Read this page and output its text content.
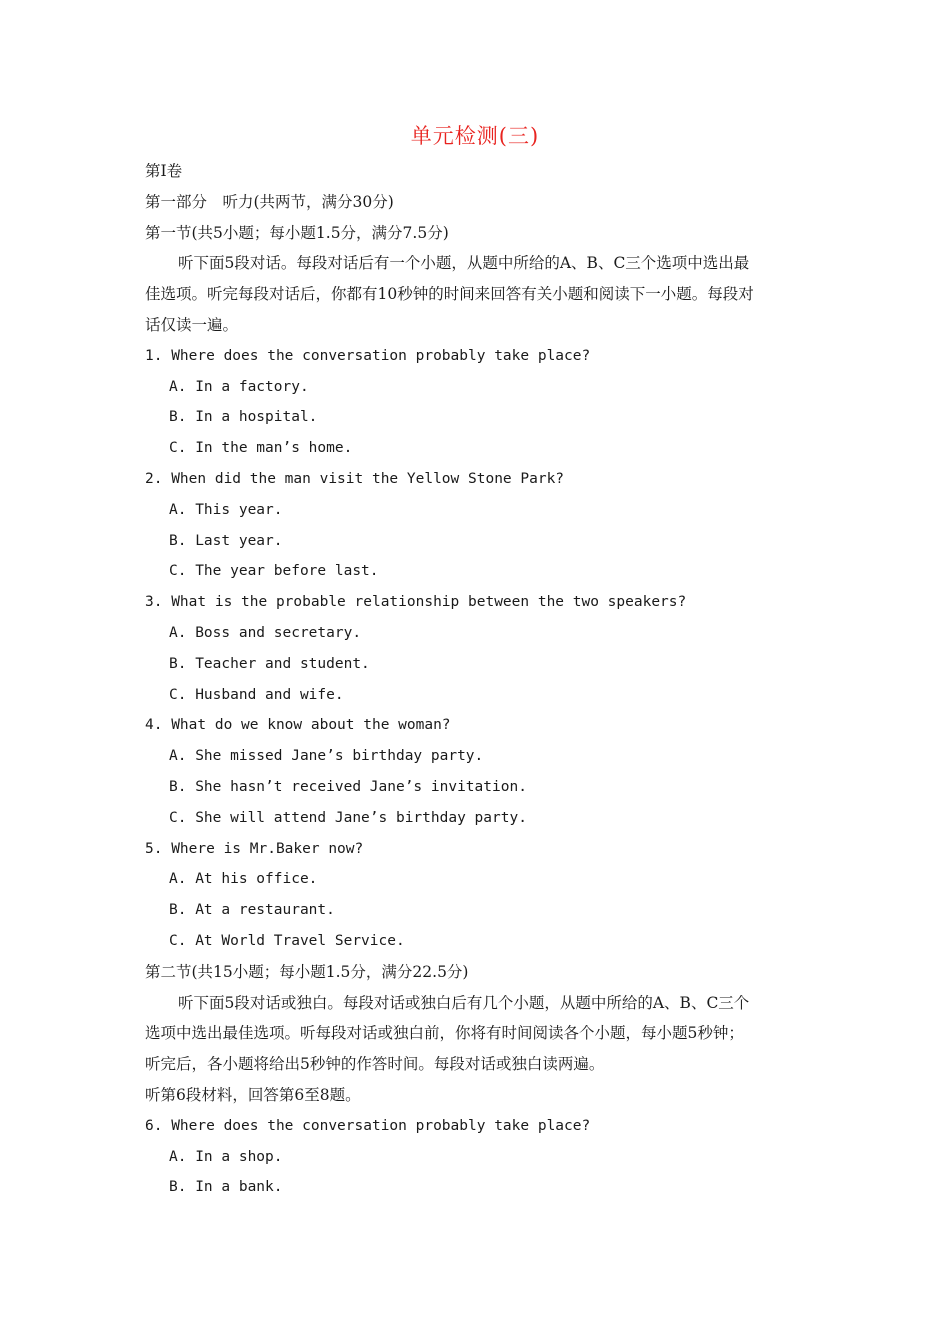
单元检测(三)
第Ⅰ卷
第一部分　听力(共两节，满分30分)
第一节(共5小题；每小题1.5分，满分7.5分)
听下面5段对话。每段对话后有一个小题，从题中所给的A、B、C三个选项中选出最
佳选项。听完每段对话后，你都有10秒钟的时间来回答有关小题和阅读下一小题。每段对
话仅读一遍。
1. Where does the conversation probably take place?
A. In a factory.
B. In a hospital.
C. In the man’s home.
2. When did the man visit the Yellow Stone Park?
A. This year.
B. Last year.
C. The year before last.
3. What is the probable relationship between the two speakers?
A. Boss and secretary.
B. Teacher and student.
C. Husband and wife.
4. What do we know about the woman?
A. She missed Jane’s birthday party.
B. She hasn’t received Jane’s invitation.
C. She will attend Jane’s birthday party.
5. Where is Mr.Baker now?
A. At his office.
B. At a restaurant.
C. At World Travel Service.
第二节(共15小题；每小题1.5分，满分22.5分)
听下面5段对话或独白。每段对话或独白后有几个小题，从题中所给的A、B、C三个
选项中选出最佳选项。听每段对话或独白前，你将有时间阅读各个小题，每小题5秒钟；
听完后，各小题将给出5秒钟的作答时间。每段对话或独白读两遍。
听第6段材料，回答第6至8题。
6. Where does the conversation probably take place?
A. In a shop.
B. In a bank.
